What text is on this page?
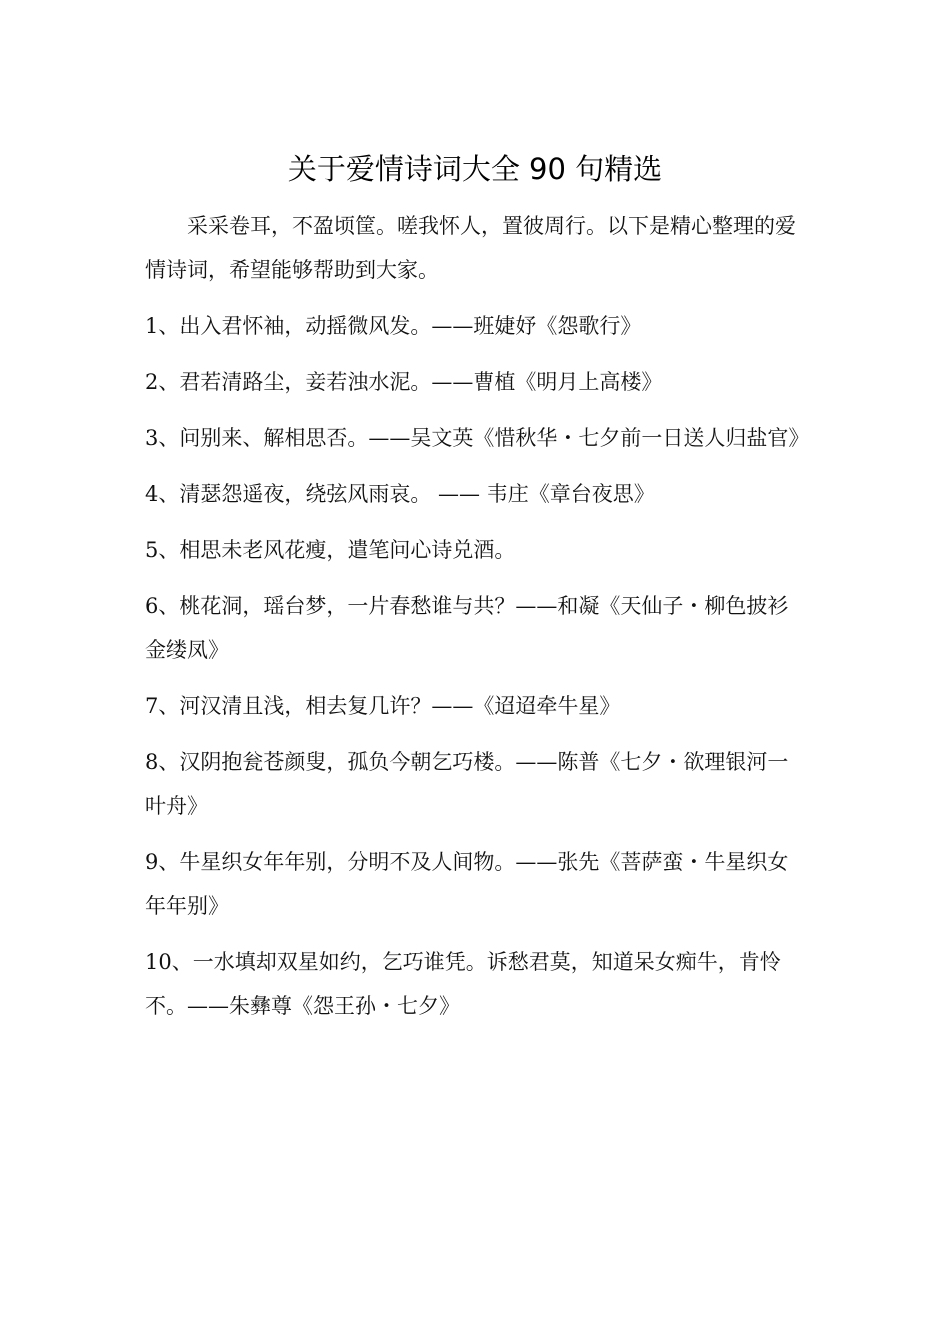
关于爱情诗词大全 90 句精选

采采卷耳，不盈顷筐。嗟我怀人，置彼周行。以下是精心整理的爱情诗词，希望能够帮助到大家。

1、出入君怀袖，动摇微风发。——班婕妤《怨歌行》

2、君若清路尘，妾若浊水泥。——曹植《明月上高楼》

3、问别来、解相思否。——吴文英《惜秋华・七夕前一日送人归盐官》

4、清瑟怨遥夜，绕弦风雨哀。 —— 韦庄《章台夜思》

5、相思未老风花瘦，遣笔问心诗兑酒。

6、桃花洞，瑶台梦，一片春愁谁与共？——和凝《天仙子・柳色披衫金缕凤》

7、河汉清且浅，相去复几许？——《迢迢牵牛星》

8、汉阴抱瓮苍颜叟，孤负今朝乞巧楼。——陈普《七夕・欲理银河一叶舟》

9、牛星织女年年别，分明不及人间物。——张先《菩萨蛮・牛星织女年年别》

10、一水填却双星如约，乞巧谁凭。诉愁君莫，知道呆女痴牛，肯怜不。——朱彝尊《怨王孙・七夕》
